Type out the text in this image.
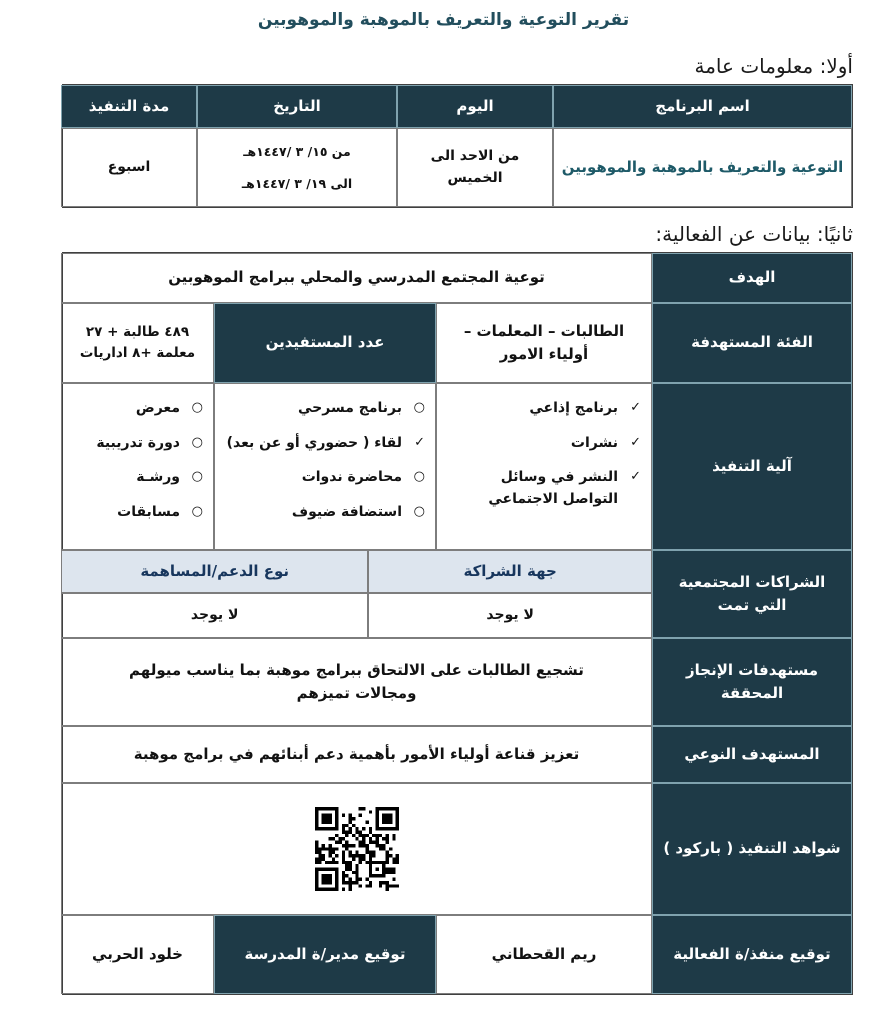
تقرير التوعية والتعريف بالموهبة والموهوبين
أولا: معلومات عامة
اسم البرنامج
اليوم
التاريخ
مدة التنفيذ
التوعية والتعريف بالموهبة والموهوبين
من الاحد الى الخميس
من ١٥/ ٣ /١٤٤٧هـ
الى ١٩/ ٣ /١٤٤٧هـ
اسبوع
ثانيًا: بيانات عن الفعالية:
الهدف
توعية المجتمع المدرسي والمحلي ببرامج الموهوبين
الفئة المستهدفة
الطالبات – المعلمات – أولياء الامور
عدد المستفيدين
٤٨٩ طالبة + ٢٧ معلمة +٨ اداريات
آلية التنفيذ
✓
برنامج إذاعي
✓
نشرات
✓
النشر في وسائل التواصل الاجتماعي
○
برنامج مسرحي
✓
لقاء ( حضوري أو عن بعد)
○
محاضرة ندوات
○
استضافة ضيوف
○
معرض
○
دورة تدريبية
○
ورشـة
○
مسابقات
الشراكات المجتمعية التي تمت
جهة الشراكة
نوع الدعم/المساهمة
لا يوجد
لا يوجد
مستهدفات الإنجاز المحققة
تشجيع الطالبات على الالتحاق ببرامج موهبة بما يناسب ميولهم ومجالات تميزهم
المستهدف النوعي
تعزيز قناعة أولياء الأمور بأهمية دعم أبنائهم في برامج موهبة
شواهد التنفيذ ( باركود )
توقيع منفذ/ة الفعالية
ريم القحطاني
توقيع مدير/ة المدرسة
خلود الحربي
